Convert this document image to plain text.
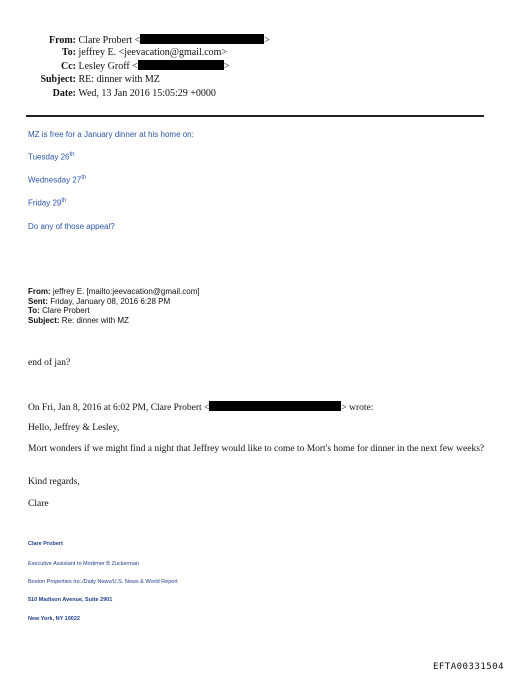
From: Clare Probert <	>
To: jeffrey E. <jeevacation@gmail.com>
Cc: Lesley Groff <	>
Subject: RE: dinner with MZ
Date: Wed, 13 Jan 2016 15:05:29 +0000
MZ is free for a January dinner at his home on:
Tuesday 26th
Wednesday 27th
Friday 29th
Do any of those appeal?
From: jeffrey E. [mailto:jeevacation@gmail.com]
Sent: Friday, January 08, 2016 6:28 PM
To: Clare Probert
Subject: Re: dinner with MZ
end of jan?
On Fri, Jan 8, 2016 at 6:02 PM, Clare Probert <	> wrote:
Hello, Jeffrey & Lesley,
Mort wonders if we might find a night that Jeffrey would like to come to Mort's home for dinner in the next few weeks?
Kind regards,
Clare
Clare Probert
Executive Assistant to Mortimer B Zuckerman
Boston Properties Inc./Daily News/U.S. News & World Report
510 Madison Avenue, Suite 2901
New York, NY 10022
EFTA00331504
